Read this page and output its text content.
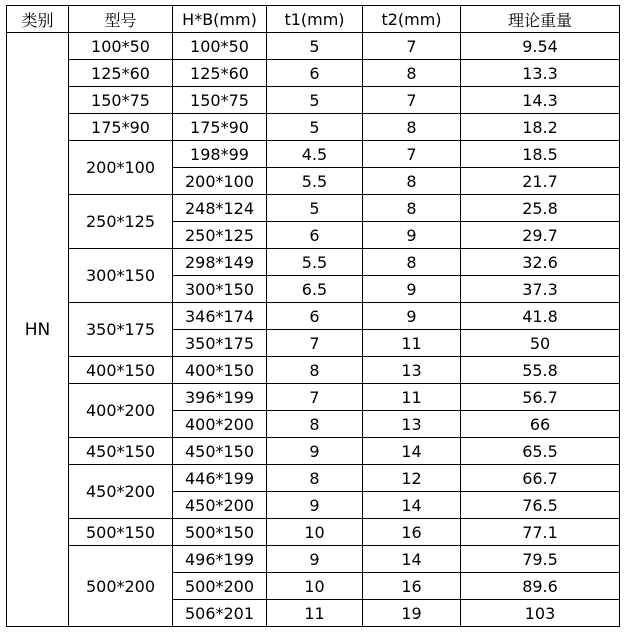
类别	型号	H*B(mm)	t1(mm)	t2(mm)	理论重量
HN	100*50	100*50	5	7	9.54
	125*60	125*60	6	8	13.3
	150*75	150*75	5	7	14.3
	175*90	175*90	5	8	18.2
	200*100	198*99	4.5	7	18.5
		200*100	5.5	8	21.7
	250*125	248*124	5	8	25.8
		250*125	6	9	29.7
	300*150	298*149	5.5	8	32.6
		300*150	6.5	9	37.3
	350*175	346*174	6	9	41.8
		350*175	7	11	50
	400*150	400*150	8	13	55.8
	400*200	396*199	7	11	56.7
		400*200	8	13	66
	450*150	450*150	9	14	65.5
	450*200	446*199	8	12	66.7
		450*200	9	14	76.5
	500*150	500*150	10	16	77.1
	500*200	496*199	9	14	79.5
		500*200	10	16	89.6
		506*201	11	19	103
